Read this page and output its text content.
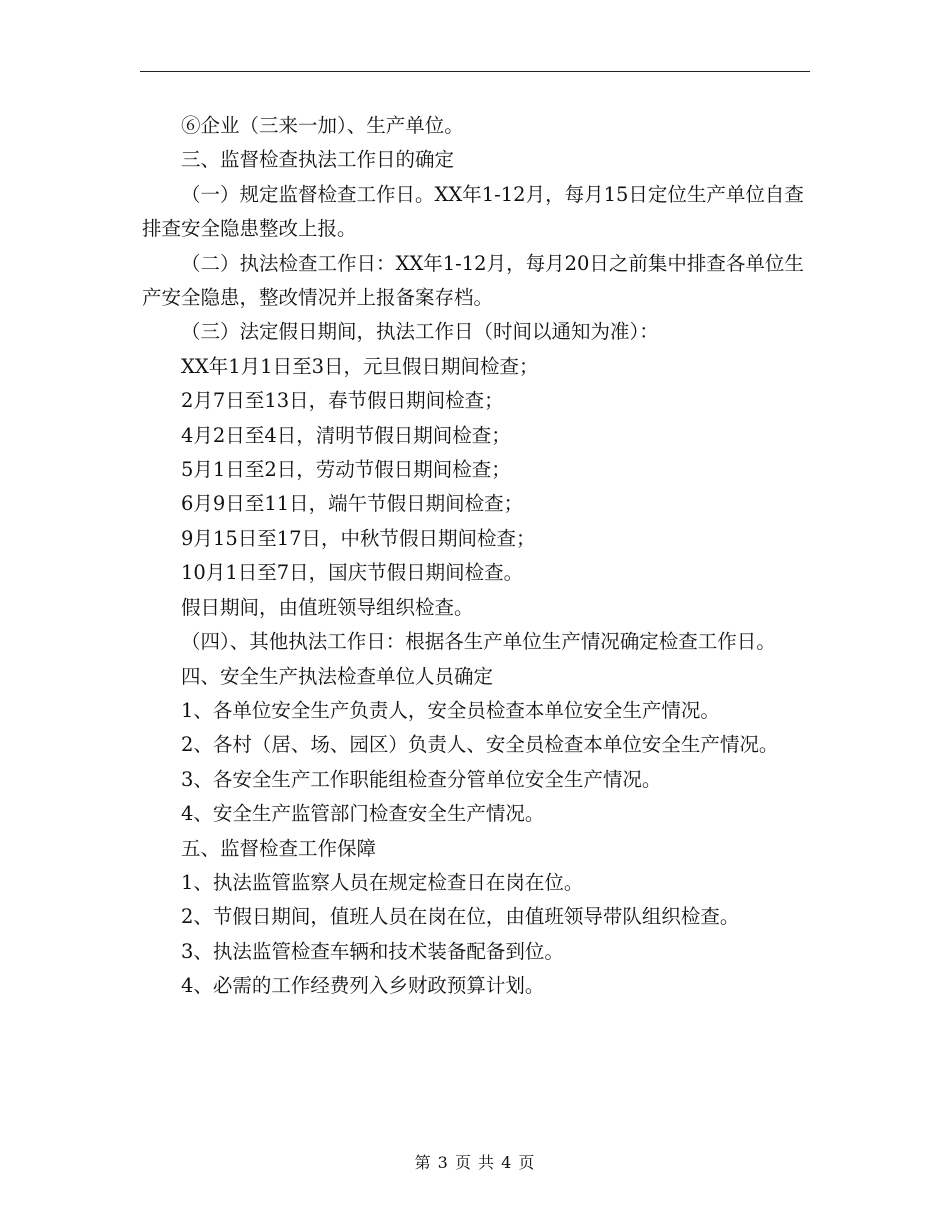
⑥企业（三来一加）、生产单位。

三、监督检查执法工作日的确定

（一）规定监督检查工作日。XX年1-12月，每月15日定位生产单位自查排查安全隐患整改上报。

（二）执法检查工作日：XX年1-12月，每月20日之前集中排查各单位生产安全隐患，整改情况并上报备案存档。

（三）法定假日期间，执法工作日（时间以通知为准）：

XX年1月1日至3日，元旦假日期间检查；

2月7日至13日，春节假日期间检查；

4月2日至4日，清明节假日期间检查；

5月1日至2日，劳动节假日期间检查；

6月9日至11日，端午节假日期间检查；

9月15日至17日，中秋节假日期间检查；

10月1日至7日，国庆节假日期间检查。

假日期间，由值班领导组织检查。

（四）、其他执法工作日：根据各生产单位生产情况确定检查工作日。

四、安全生产执法检查单位人员确定

1、各单位安全生产负责人，安全员检查本单位安全生产情况。

2、各村（居、场、园区）负责人、安全员检查本单位安全生产情况。

3、各安全生产工作职能组检查分管单位安全生产情况。

4、安全生产监管部门检查安全生产情况。

五、监督检查工作保障

1、执法监管监察人员在规定检查日在岗在位。

2、节假日期间，值班人员在岗在位，由值班领导带队组织检查。

3、执法监管检查车辆和技术装备配备到位。

4、必需的工作经费列入乡财政预算计划。

第 3 页 共 4 页
